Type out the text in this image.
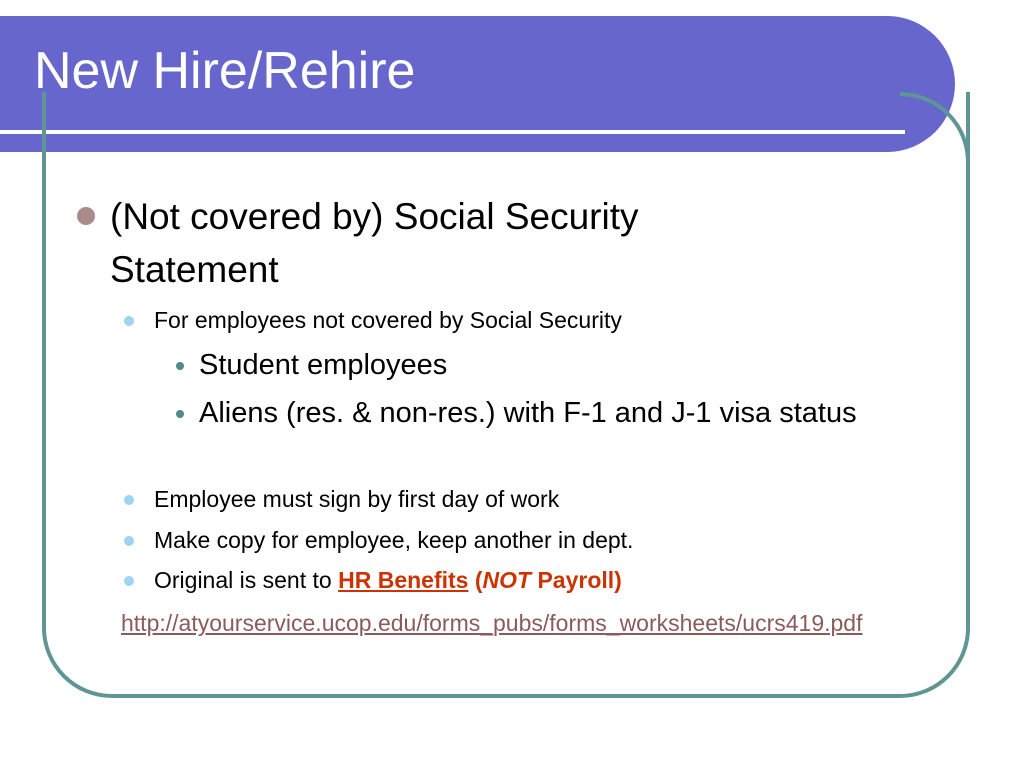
New Hire/Rehire
(Not covered by) Social Security Statement
For employees not covered by Social Security
Student employees
Aliens (res. & non-res.) with F-1 and J-1 visa status
Employee must sign by first day of work
Make copy for employee, keep another in dept.
Original is sent to HR Benefits (NOT Payroll)
http://atyourservice.ucop.edu/forms_pubs/forms_worksheets/ucrs419.pdf
